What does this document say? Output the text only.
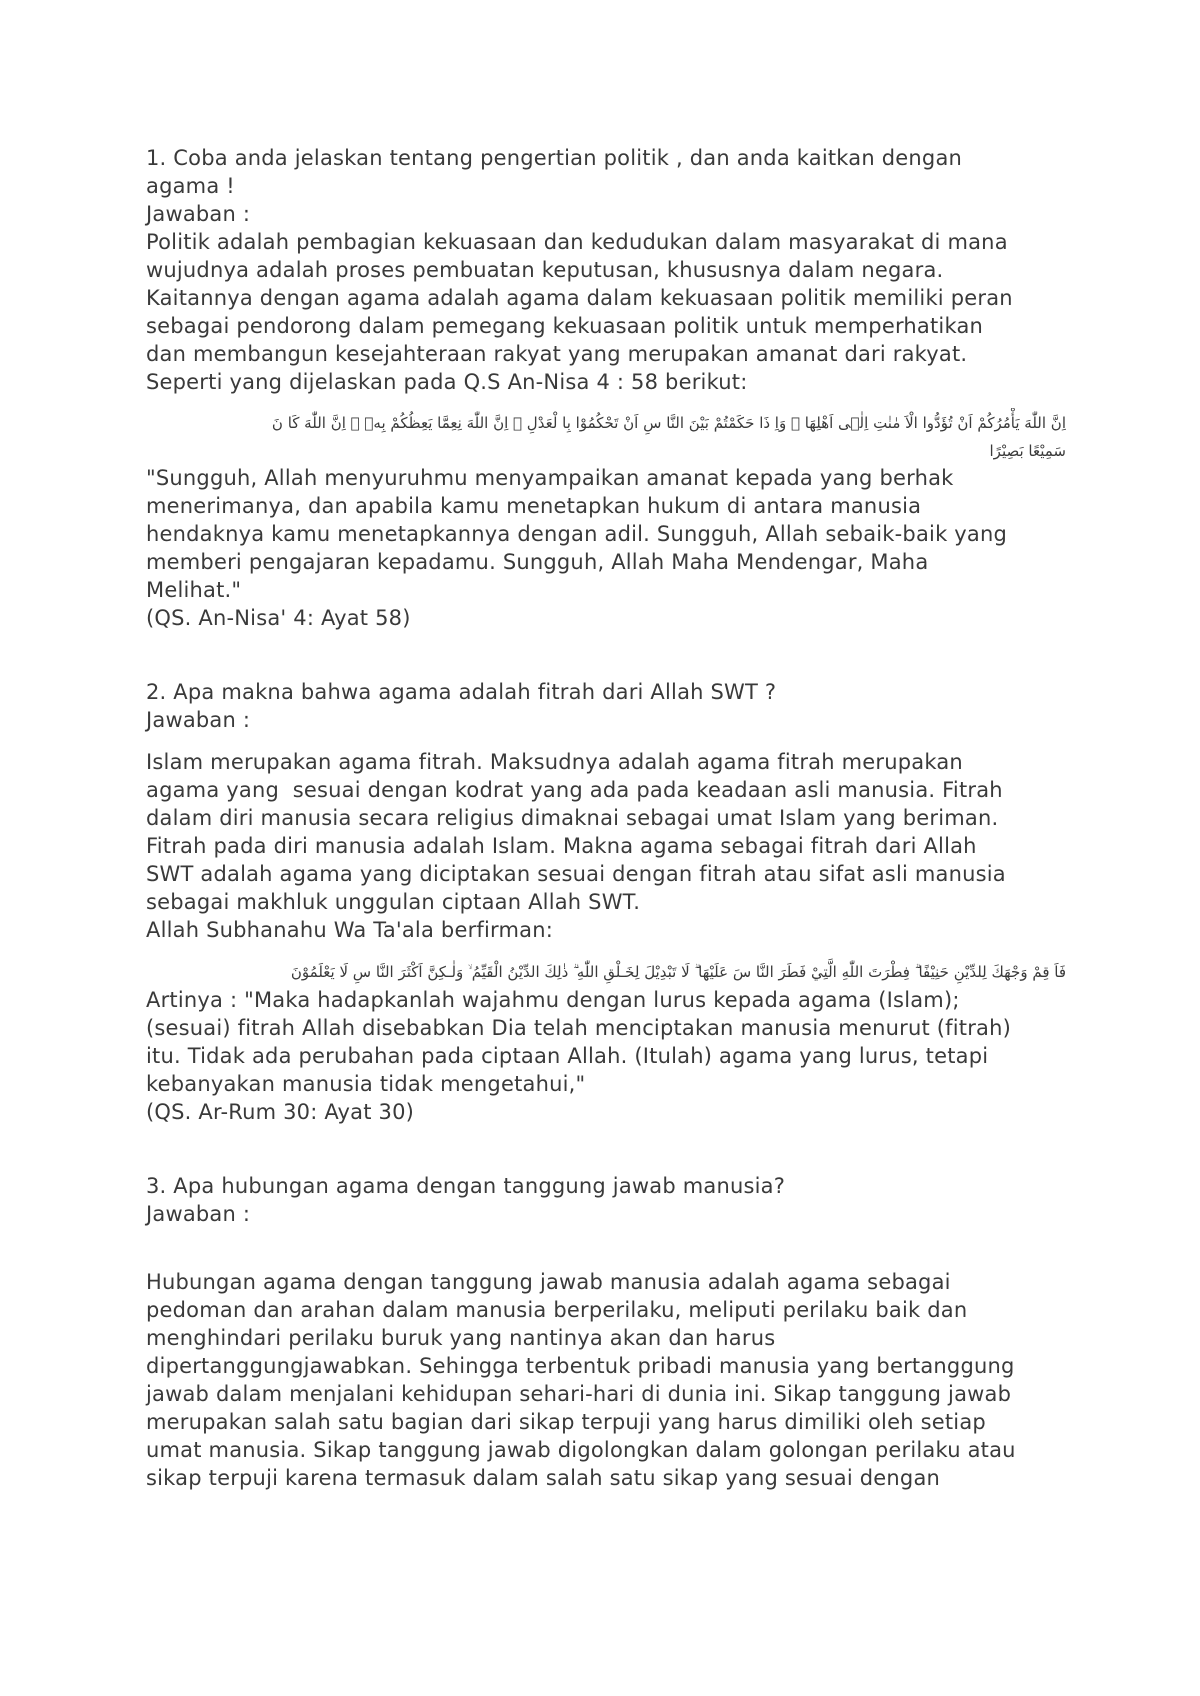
1. Coba anda jelaskan tentang pengertian politik , dan anda kaitkan dengan
agama !
Jawaban :
Politik adalah pembagian kekuasaan dan kedudukan dalam masyarakat di mana
wujudnya adalah proses pembuatan keputusan, khususnya dalam negara.
Kaitannya dengan agama adalah agama dalam kekuasaan politik memiliki peran
sebagai pendorong dalam pemegang kekuasaan politik untuk memperhatikan
dan membangun kesejahteraan rakyat yang merupakan amanat dari rakyat.
Seperti yang dijelaskan pada Q.S An-Nisa 4 : 58 berikut:
اِنَّ اللّٰهَ يَأْمُرُكُمْ اَنْ تُؤَدُّوا الْاَ مٰنٰتِ اِلٰۤى اَهْلِهَا ۙ وَاِ ذَا حَكَمْتُمْ بَيْنَ النَّا سِ اَنْ تَحْكُمُوْا بِا لْعَدْلِ ۗ اِنَّ اللّٰهَ نِعِمَّا يَعِظُكُمْ بِهٖ ۗ اِنَّ اللّٰهَ كَا نَ
سَمِيْعًا بَصِيْرًا
"Sungguh, Allah menyuruhmu menyampaikan amanat kepada yang berhak
menerimanya, dan apabila kamu menetapkan hukum di antara manusia
hendaknya kamu menetapkannya dengan adil. Sungguh, Allah sebaik-baik yang
memberi pengajaran kepadamu. Sungguh, Allah Maha Mendengar, Maha
Melihat."
(QS. An-Nisa' 4: Ayat 58)
2. Apa makna bahwa agama adalah fitrah dari Allah SWT ?
Jawaban :
Islam merupakan agama fitrah. Maksudnya adalah agama fitrah merupakan
agama yang  sesuai dengan kodrat yang ada pada keadaan asli manusia. Fitrah
dalam diri manusia secara religius dimaknai sebagai umat Islam yang beriman.
Fitrah pada diri manusia adalah Islam. Makna agama sebagai fitrah dari Allah
SWT adalah agama yang diciptakan sesuai dengan fitrah atau sifat asli manusia
sebagai makhluk unggulan ciptaan Allah SWT.
Allah Subhanahu Wa Ta'ala berfirman:
فَاَ قِمْ وَجْهَكَ لِلدِّيْنِ حَنِيْفًا ۗ فِطْرَتَ اللّٰهِ الَّتِيْ فَطَرَ النَّا سَ عَلَيْهَا ۗ لَا تَبْدِيْلَ لِخَـلْقِ اللّٰهِ ۗ ذٰلِكَ الدِّيْنُ الْقَيِّمُ ۙ وَلٰـكِنَّ اَكْثَرَ النَّا سِ لَا يَعْلَمُوْنَ
Artinya : "Maka hadapkanlah wajahmu dengan lurus kepada agama (Islam);
(sesuai) fitrah Allah disebabkan Dia telah menciptakan manusia menurut (fitrah)
itu. Tidak ada perubahan pada ciptaan Allah. (Itulah) agama yang lurus, tetapi
kebanyakan manusia tidak mengetahui,"
(QS. Ar-Rum 30: Ayat 30)
3. Apa hubungan agama dengan tanggung jawab manusia?
Jawaban :
Hubungan agama dengan tanggung jawab manusia adalah agama sebagai
pedoman dan arahan dalam manusia berperilaku, meliputi perilaku baik dan
menghindari perilaku buruk yang nantinya akan dan harus
dipertanggungjawabkan. Sehingga terbentuk pribadi manusia yang bertanggung
jawab dalam menjalani kehidupan sehari-hari di dunia ini. Sikap tanggung jawab
merupakan salah satu bagian dari sikap terpuji yang harus dimiliki oleh setiap
umat manusia. Sikap tanggung jawab digolongkan dalam golongan perilaku atau
sikap terpuji karena termasuk dalam salah satu sikap yang sesuai dengan
